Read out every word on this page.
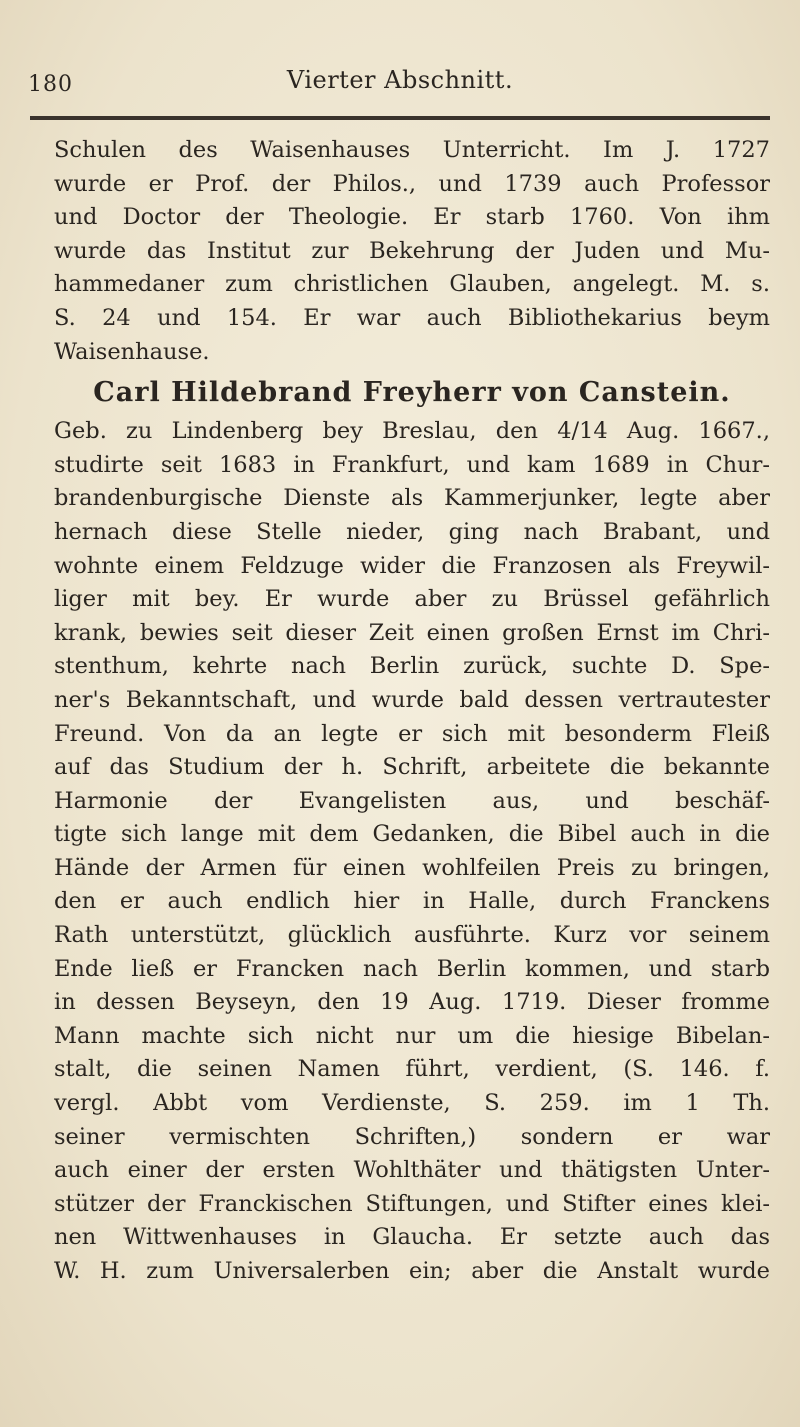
180	Vierter Abschnitt.
Schulen des Waisenhauses Unterricht. Im J. 1727
wurde er Prof. der Philos., und 1739 auch Professor
und Doctor der Theologie. Er starb 1760. Von ihm
wurde das Institut zur Bekehrung der Juden und Mu-
hammedaner zum christlichen Glauben, angelegt. M. s.
S. 24 und 154. Er war auch Bibliothekarius beym
Waisenhause.
Carl Hildebrand Freyherr von Canstein.
Geb. zu Lindenberg bey Breslau, den 4/14 Aug. 1667.,
studirte seit 1683 in Frankfurt, und kam 1689 in Chur-
brandenburgische Dienste als Kammerjunker, legte aber
hernach diese Stelle nieder, ging nach Brabant, und
wohnte einem Feldzuge wider die Franzosen als Freywil-
liger mit bey. Er wurde aber zu Brüssel gefährlich
krank, bewies seit dieser Zeit einen großen Ernst im Chri-
stenthum, kehrte nach Berlin zurück, suchte D. Spe-
ner's Bekanntschaft, und wurde bald dessen vertrautester
Freund. Von da an legte er sich mit besonderm Fleiß
auf das Studium der h. Schrift, arbeitete die bekannte
Harmonie der Evangelisten aus, und beschäf-
tigte sich lange mit dem Gedanken, die Bibel auch in die
Hände der Armen für einen wohlfeilen Preis zu bringen,
den er auch endlich hier in Halle, durch Franckens
Rath unterstützt, glücklich ausführte. Kurz vor seinem
Ende ließ er Francken nach Berlin kommen, und starb
in dessen Beyseyn, den 19 Aug. 1719. Dieser fromme
Mann machte sich nicht nur um die hiesige Bibelan-
stalt, die seinen Namen führt, verdient, (S. 146. f.
vergl. Abbt vom Verdienste, S. 259. im 1 Th.
seiner vermischten Schriften,) sondern er war
auch einer der ersten Wohlthäter und thätigsten Unter-
stützer der Franckischen Stiftungen, und Stifter eines klei-
nen Wittwenhauses in Glaucha. Er setzte auch das
W. H. zum Universalerben ein; aber die Anstalt wurde
